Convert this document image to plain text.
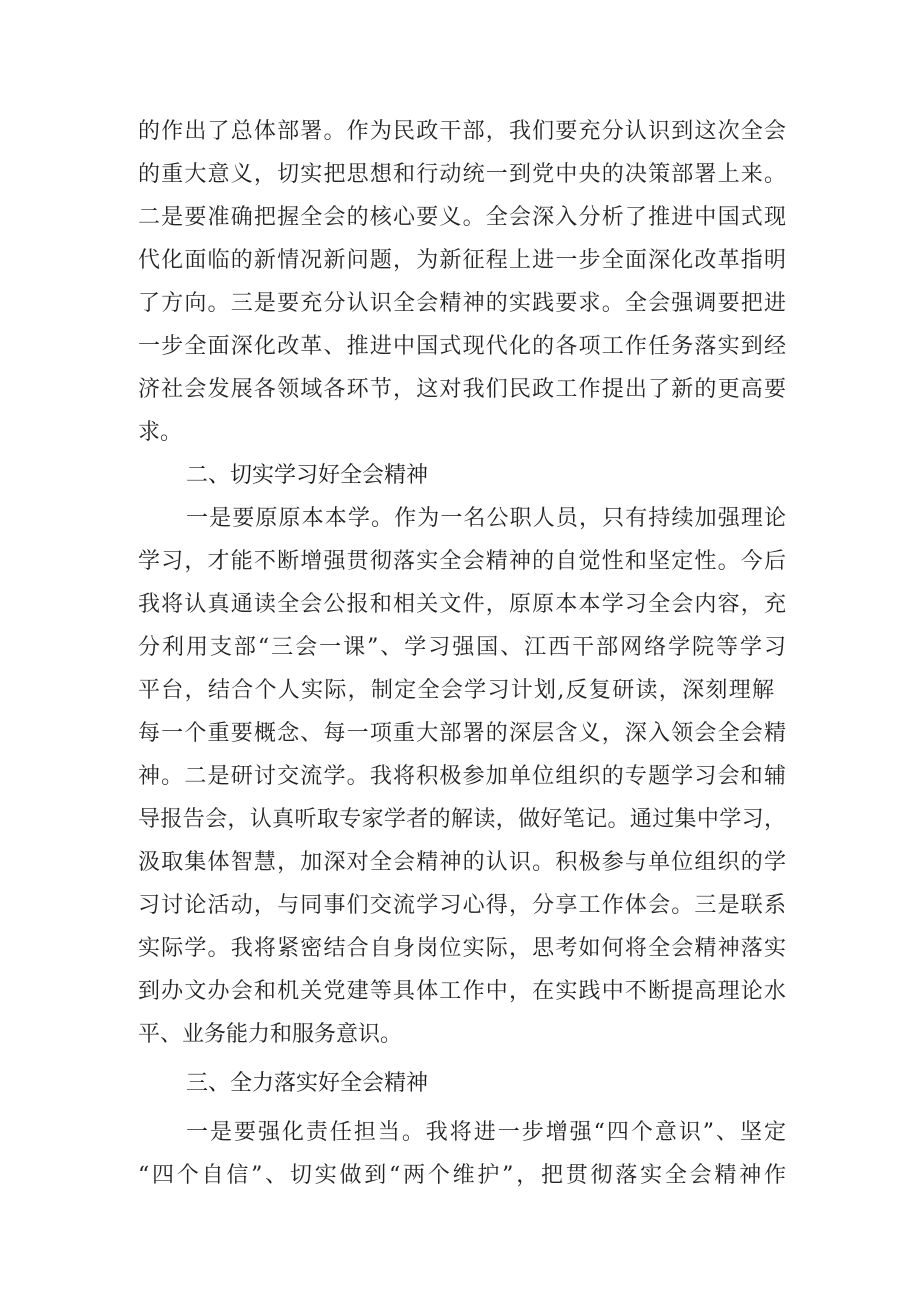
的作出了总体部署。作为民政干部，我们要充分认识到这次全会

的重大意义，切实把思想和行动统一到党中央的决策部署上来。

二是要准确把握全会的核心要义。全会深入分析了推进中国式现

代化面临的新情况新问题，为新征程上进一步全面深化改革指明

了方向。三是要充分认识全会精神的实践要求。全会强调要把进

一步全面深化改革、推进中国式现代化的各项工作任务落实到经

济社会发展各领域各环节，这对我们民政工作提出了新的更高要

求。

二、切实学习好全会精神

一是要原原本本学。作为一名公职人员，只有持续加强理论

学习，才能不断增强贯彻落实全会精神的自觉性和坚定性。今后

我将认真通读全会公报和相关文件，原原本本学习全会内容，充

分利用支部“三会一课”、学习强国、江西干部网络学院等学习

平台，结合个人实际，制定全会学习计划,反复研读，深刻理解

每一个重要概念、每一项重大部署的深层含义，深入领会全会精

神。二是研讨交流学。我将积极参加单位组织的专题学习会和辅

导报告会，认真听取专家学者的解读，做好笔记。通过集中学习，

汲取集体智慧，加深对全会精神的认识。积极参与单位组织的学

习讨论活动，与同事们交流学习心得，分享工作体会。三是联系

实际学。我将紧密结合自身岗位实际，思考如何将全会精神落实

到办文办会和机关党建等具体工作中，在实践中不断提高理论水

平、业务能力和服务意识。

三、全力落实好全会精神

一是要强化责任担当。我将进一步增强“四个意识”、坚定

“四个自信”、切实做到“两个维护”，把贯彻落实全会精神作
